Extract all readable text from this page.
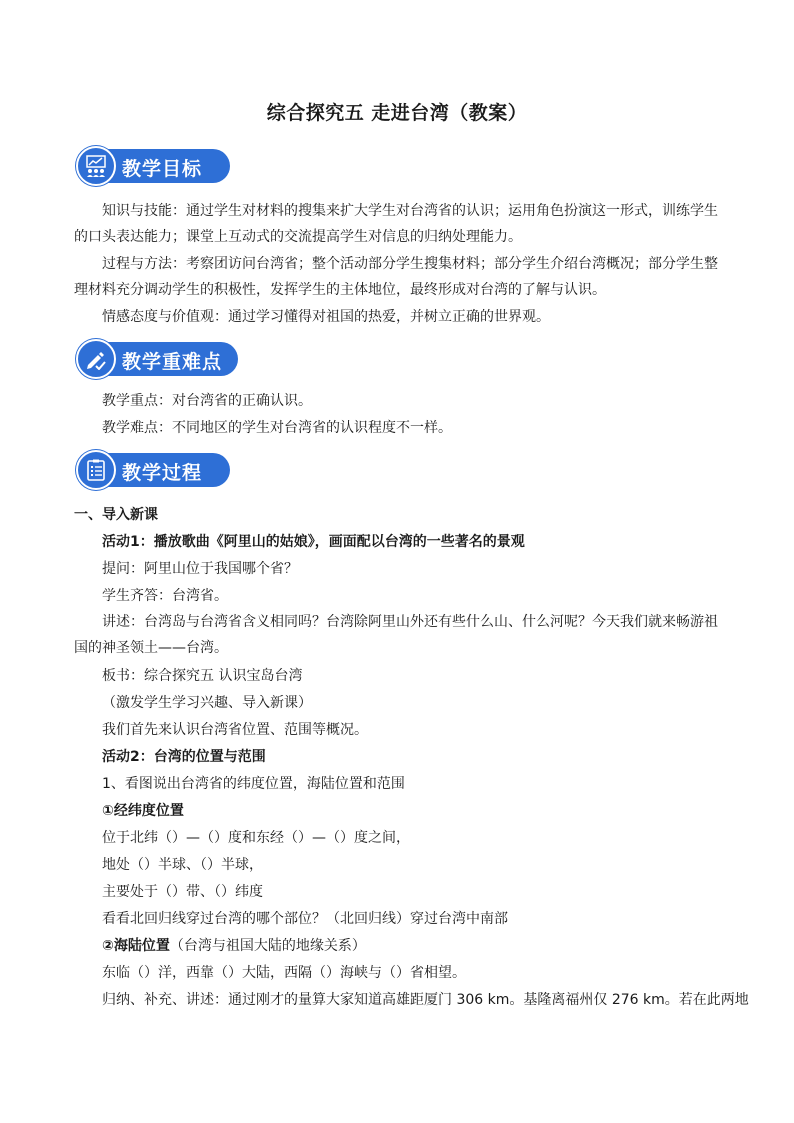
综合探究五 走进台湾（教案）
教学目标

知识与技能：通过学生对材料的搜集来扩大学生对台湾省的认识；运用角色扮演这一形式，训练学生的口头表达能力；课堂上互动式的交流提高学生对信息的归纳处理能力。

过程与方法：考察团访问台湾省；整个活动部分学生搜集材料；部分学生介绍台湾概况；部分学生整理材料充分调动学生的积极性，发挥学生的主体地位，最终形成对台湾的了解与认识。

情感态度与价值观：通过学习懂得对祖国的热爱，并树立正确的世界观。

教学重难点

教学重点：对台湾省的正确认识。

教学难点：不同地区的学生对台湾省的认识程度不一样。

教学过程

一、导入新课

活动1：播放歌曲《阿里山的姑娘》，画面配以台湾的一些著名的景观

提问：阿里山位于我国哪个省？

学生齐答：台湾省。

讲述：台湾岛与台湾省含义相同吗？台湾除阿里山外还有些什么山、什么河呢？今天我们就来畅游祖国的神圣领土——台湾。

板书：综合探究五 认识宝岛台湾

（激发学生学习兴趣、导入新课）

我们首先来认识台湾省位置、范围等概况。

活动2：台湾的位置与范围

1、看图说出台湾省的纬度位置，海陆位置和范围

①经纬度位置

位于北纬（）—（）度和东经（）—（）度之间，

地处（）半球、（）半球，

主要处于（）带、（）纬度

看看北回归线穿过台湾的哪个部位？（北回归线）穿过台湾中南部

②海陆位置（台湾与祖国大陆的地缘关系）

东临（）洋，西靠（）大陆，西隔（）海峡与（）省相望。

归纳、补充、讲述：通过刚才的量算大家知道高雄距厦门 306 km。基隆离福州仅 276 km。若在此两地
